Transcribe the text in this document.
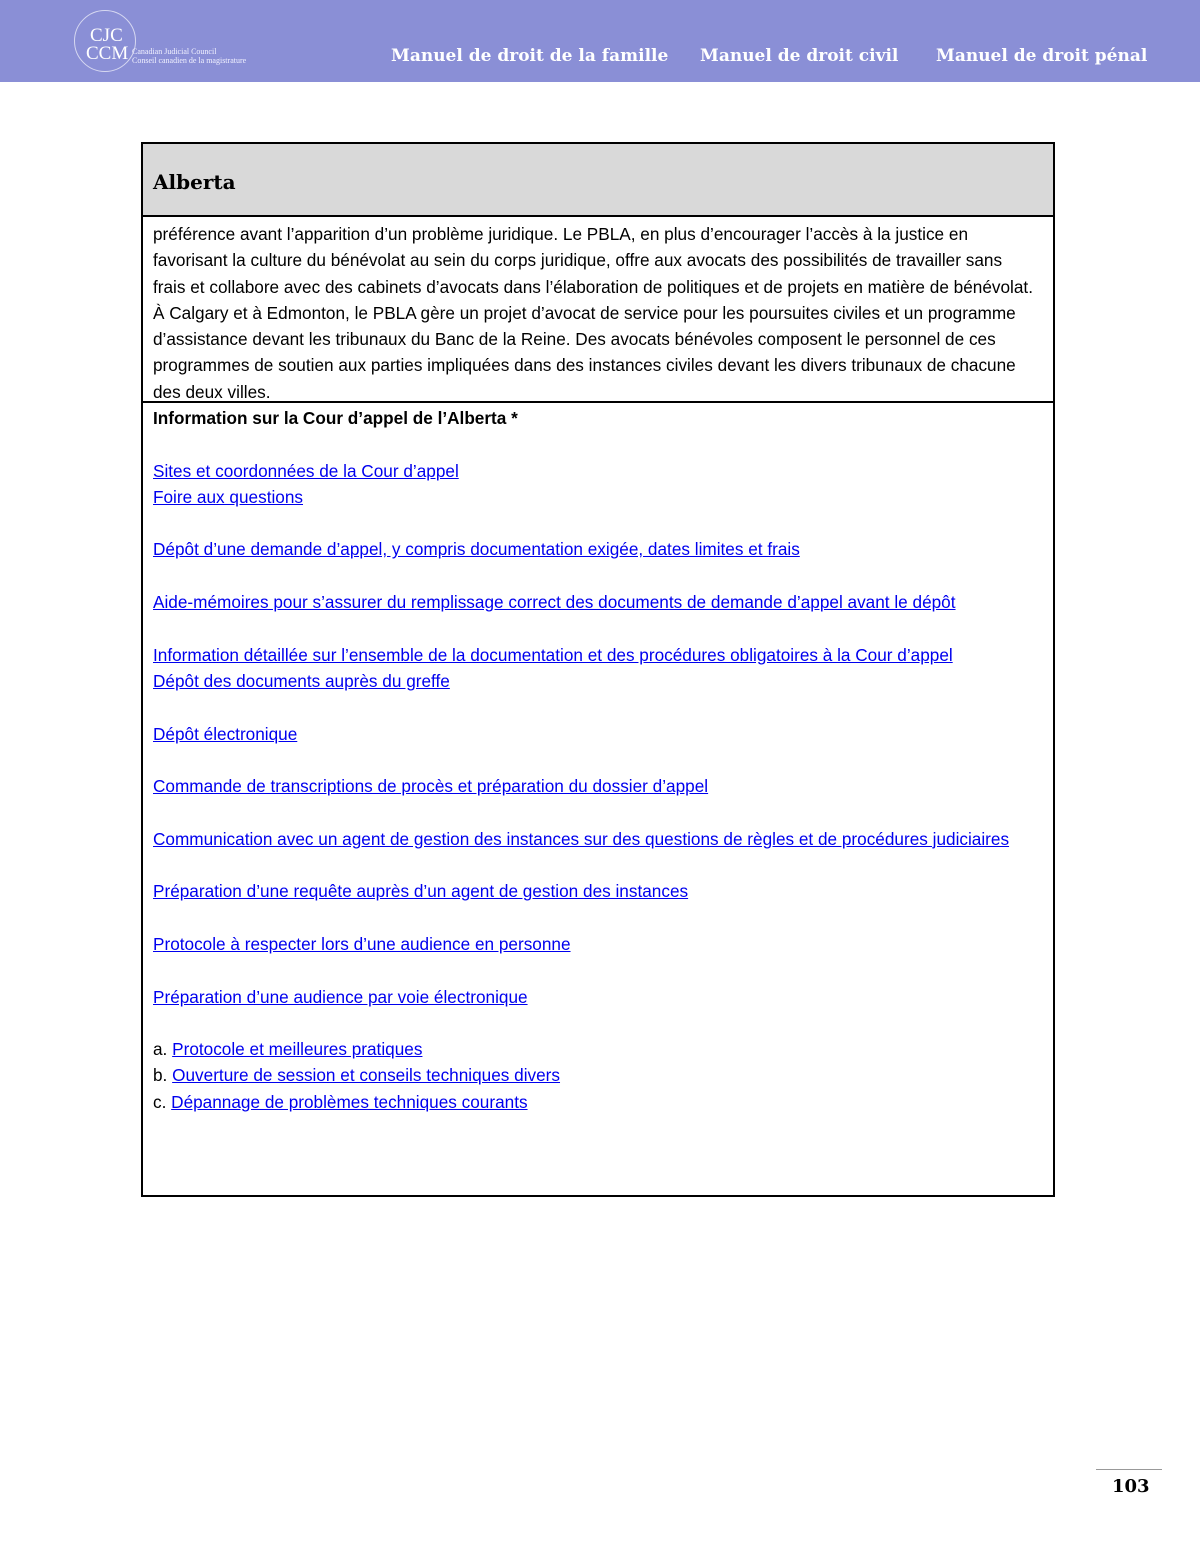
CJC
CCM Canadian Judicial Council
Conseil canadien de la magistrature	Manuel de droit de la famille Manuel de droit civil Manuel de droit pénal
Alberta
préférence avant l’apparition d’un problème juridique. Le PBLA, en plus d’encourager l’accès à la justice en favorisant la culture du bénévolat au sein du corps juridique, offre aux avocats des possibilités de travailler sans frais et collabore avec des cabinets d’avocats dans l’élaboration de politiques et de projets en matière de bénévolat. À Calgary et à Edmonton, le PBLA gère un projet d’avocat de service pour les poursuites civiles et un programme d’assistance devant les tribunaux du Banc de la Reine. Des avocats bénévoles composent le personnel de ces programmes de soutien aux parties impliquées dans des instances civiles devant les divers tribunaux de chacune des deux villes.
Information sur la Cour d’appel de l’Alberta *
Sites et coordonnées de la Cour d’appel
Foire aux questions
Dépôt d’une demande d’appel, y compris documentation exigée, dates limites et frais
Aide-mémoires pour s’assurer du remplissage correct des documents de demande d’appel avant le dépôt
Information détaillée sur l’ensemble de la documentation et des procédures obligatoires à la Cour d’appel
Dépôt des documents auprès du greffe
Dépôt électronique
Commande de transcriptions de procès et préparation du dossier d’appel
Communication avec un agent de gestion des instances sur des questions de règles et de procédures judiciaires
Préparation d’une requête auprès d’un agent de gestion des instances
Protocole à respecter lors d’une audience en personne
Préparation d’une audience par voie électronique
a. Protocole et meilleures pratiques
b. Ouverture de session et conseils techniques divers
c. Dépannage de problèmes techniques courants
103
